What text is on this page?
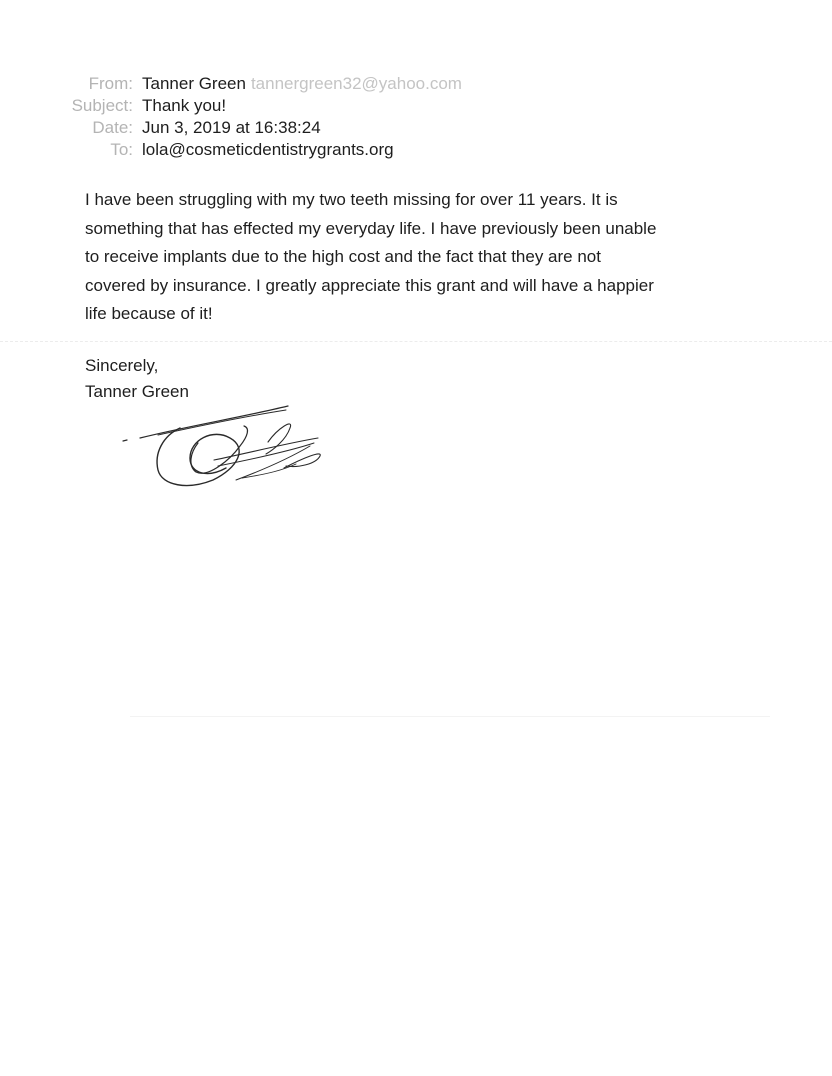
From: Tanner Green tannergreen32@yahoo.com
Subject: Thank you!
Date: Jun 3, 2019 at 16:38:24
To: lola@cosmeticdentistrygrants.org
I have been struggling with my two teeth missing for over 11 years. It is
something that has effected my everyday life. I have previously been unable
to receive implants due to the high cost and the fact that they are not
covered by insurance. I greatly appreciate this grant and will have a happier
life because of it!
Sincerely,
Tanner Green
